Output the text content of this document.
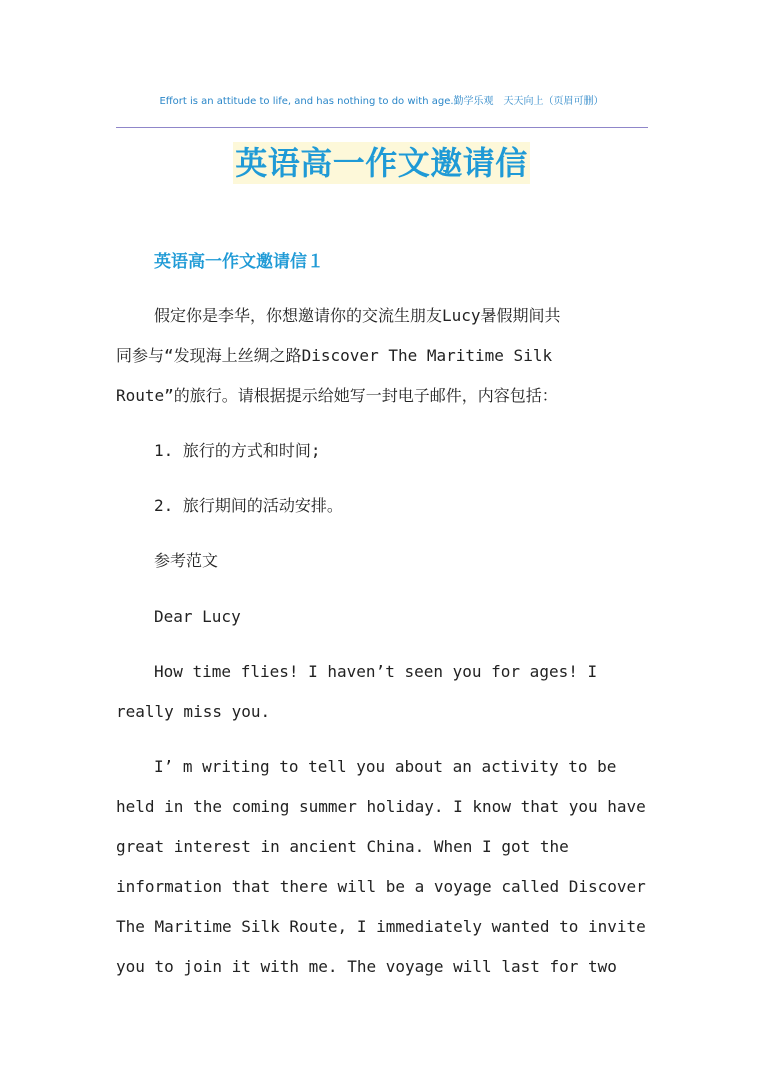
Effort is an attitude to life, and has nothing to do with age.勤学乐观　天天向上（页眉可删）
英语高一作文邀请信
英语高一作文邀请信１
假定你是李华，你想邀请你的交流生朋友Lucy暑假期间共
同参与“发现海上丝绸之路Discover The Maritime Silk
Route”的旅行。请根据提示给她写一封电子邮件，内容包括：
1. 旅行的方式和时间;
2. 旅行期间的活动安排。
参考范文
Dear Lucy
How time flies! I haven’t seen you for ages! I
really miss you.
I’ m writing to tell you about an activity to be
held in the coming summer holiday. I know that you have
great interest in ancient China. When I got the
information that there will be a voyage called Discover
The Maritime Silk Route, I immediately wanted to invite
you to join it with me. The voyage will last for two
